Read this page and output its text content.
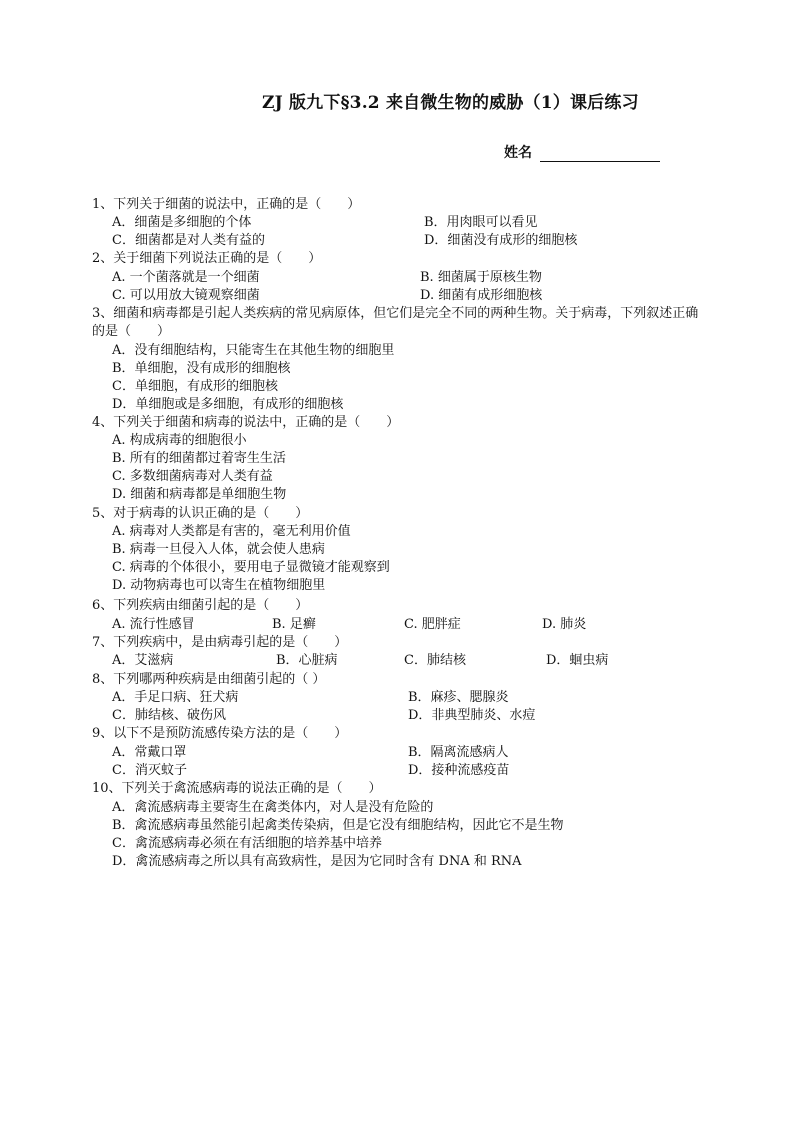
ZJ 版九下§3.2 来自微生物的威胁（1）课后练习
姓名
1、下列关于细菌的说法中，正确的是（　　）
A．细菌是多细胞的个体	B．用肉眼可以看见
C．细菌都是对人类有益的	D．细菌没有成形的细胞核
2、关于细菌下列说法正确的是（　　）
A. 一个菌落就是一个细菌	B. 细菌属于原核生物
C. 可以用放大镜观察细菌	D. 细菌有成形细胞核
3、细菌和病毒都是引起人类疾病的常见病原体，但它们是完全不同的两种生物。关于病毒，下列叙述正确的是（　　）
A．没有细胞结构，只能寄生在其他生物的细胞里
B．单细胞，没有成形的细胞核
C．单细胞，有成形的细胞核
D．单细胞或是多细胞，有成形的细胞核
4、下列关于细菌和病毒的说法中，正确的是（　　）
A. 构成病毒的细胞很小
B. 所有的细菌都过着寄生生活
C. 多数细菌病毒对人类有益
D. 细菌和病毒都是单细胞生物
5、对于病毒的认识正确的是（　　）
A. 病毒对人类都是有害的，毫无利用价值
B. 病毒一旦侵入人体，就会使人患病
C. 病毒的个体很小，要用电子显微镜才能观察到
D. 动物病毒也可以寄生在植物细胞里
6、下列疾病由细菌引起的是（　　）
A. 流行性感冒	B. 足癣	C. 肥胖症	D. 肺炎
7、下列疾病中，是由病毒引起的是（　　）
A．艾滋病	B．心脏病	C．肺结核	D．蛔虫病
8、下列哪两种疾病是由细菌引起的（ ）
A．手足口病、狂犬病	B．麻疹、腮腺炎
C．肺结核、破伤风	D．非典型肺炎、水痘
9、以下不是预防流感传染方法的是（　　）
A．常戴口罩	B．隔离流感病人
C．消灭蚊子	D．接种流感疫苗
10、下列关于禽流感病毒的说法正确的是（　　）
A．禽流感病毒主要寄生在禽类体内，对人是没有危险的
B．禽流感病毒虽然能引起禽类传染病，但是它没有细胞结构，因此它不是生物
C．禽流感病毒必须在有活细胞的培养基中培养
D．禽流感病毒之所以具有高致病性，是因为它同时含有 DNA 和 RNA
